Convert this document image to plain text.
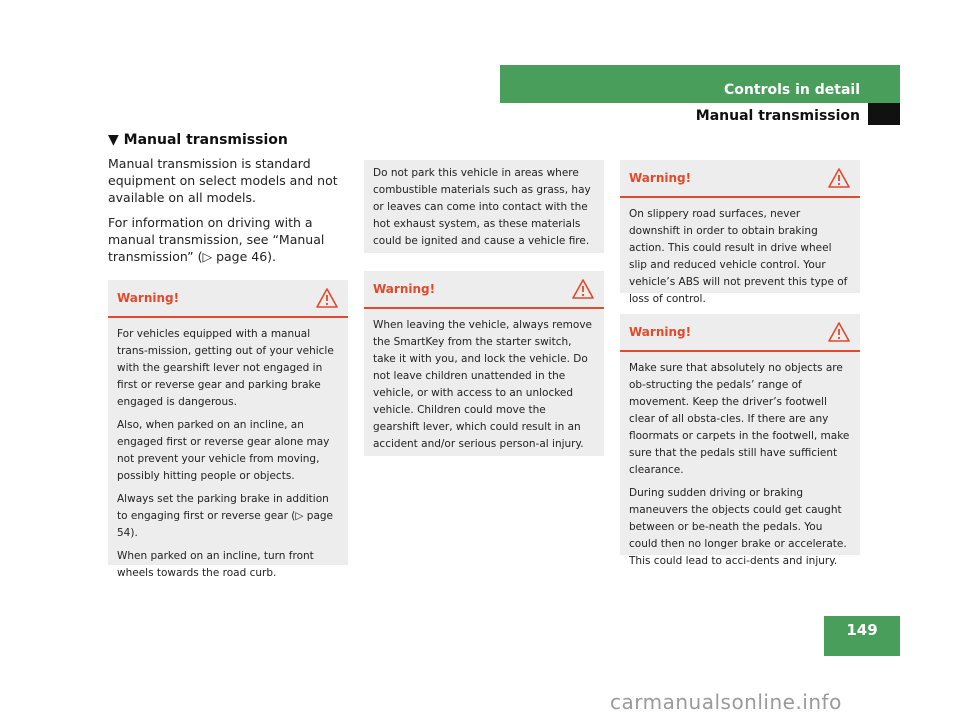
Controls in detail
Manual transmission
▼ Manual transmission

Manual transmission is standard equipment on select models and not available on all models.

For information on driving with a manual transmission, see “Manual transmission” (▷ page 46).

Warning!

For vehicles equipped with a manual trans-mission, getting out of your vehicle with the gearshift lever not engaged in first or reverse gear and parking brake engaged is dangerous.

Also, when parked on an incline, an engaged first or reverse gear alone may not prevent your vehicle from moving, possibly hitting people or objects.

Always set the parking brake in addition to engaging first or reverse gear (▷ page 54).

When parked on an incline, turn front wheels towards the road curb.

Do not park this vehicle in areas where combustible materials such as grass, hay or leaves can come into contact with the hot exhaust system, as these materials could be ignited and cause a vehicle fire.

Warning!

When leaving the vehicle, always remove the SmartKey from the starter switch, take it with you, and lock the vehicle. Do not leave children unattended in the vehicle, or with access to an unlocked vehicle. Children could move the gearshift lever, which could result in an accident and/or serious person-al injury.

Warning!

On slippery road surfaces, never downshift in order to obtain braking action. This could result in drive wheel slip and reduced vehicle control. Your vehicle’s ABS will not prevent this type of loss of control.

Warning!

Make sure that absolutely no objects are ob-structing the pedals’ range of movement. Keep the driver’s footwell clear of all obsta-cles. If there are any floormats or carpets in the footwell, make sure that the pedals still have sufficient clearance.

During sudden driving or braking maneuvers the objects could get caught between or be-neath the pedals. You could then no longer brake or accelerate. This could lead to acci-dents and injury.

149
carmanualsonline.info
